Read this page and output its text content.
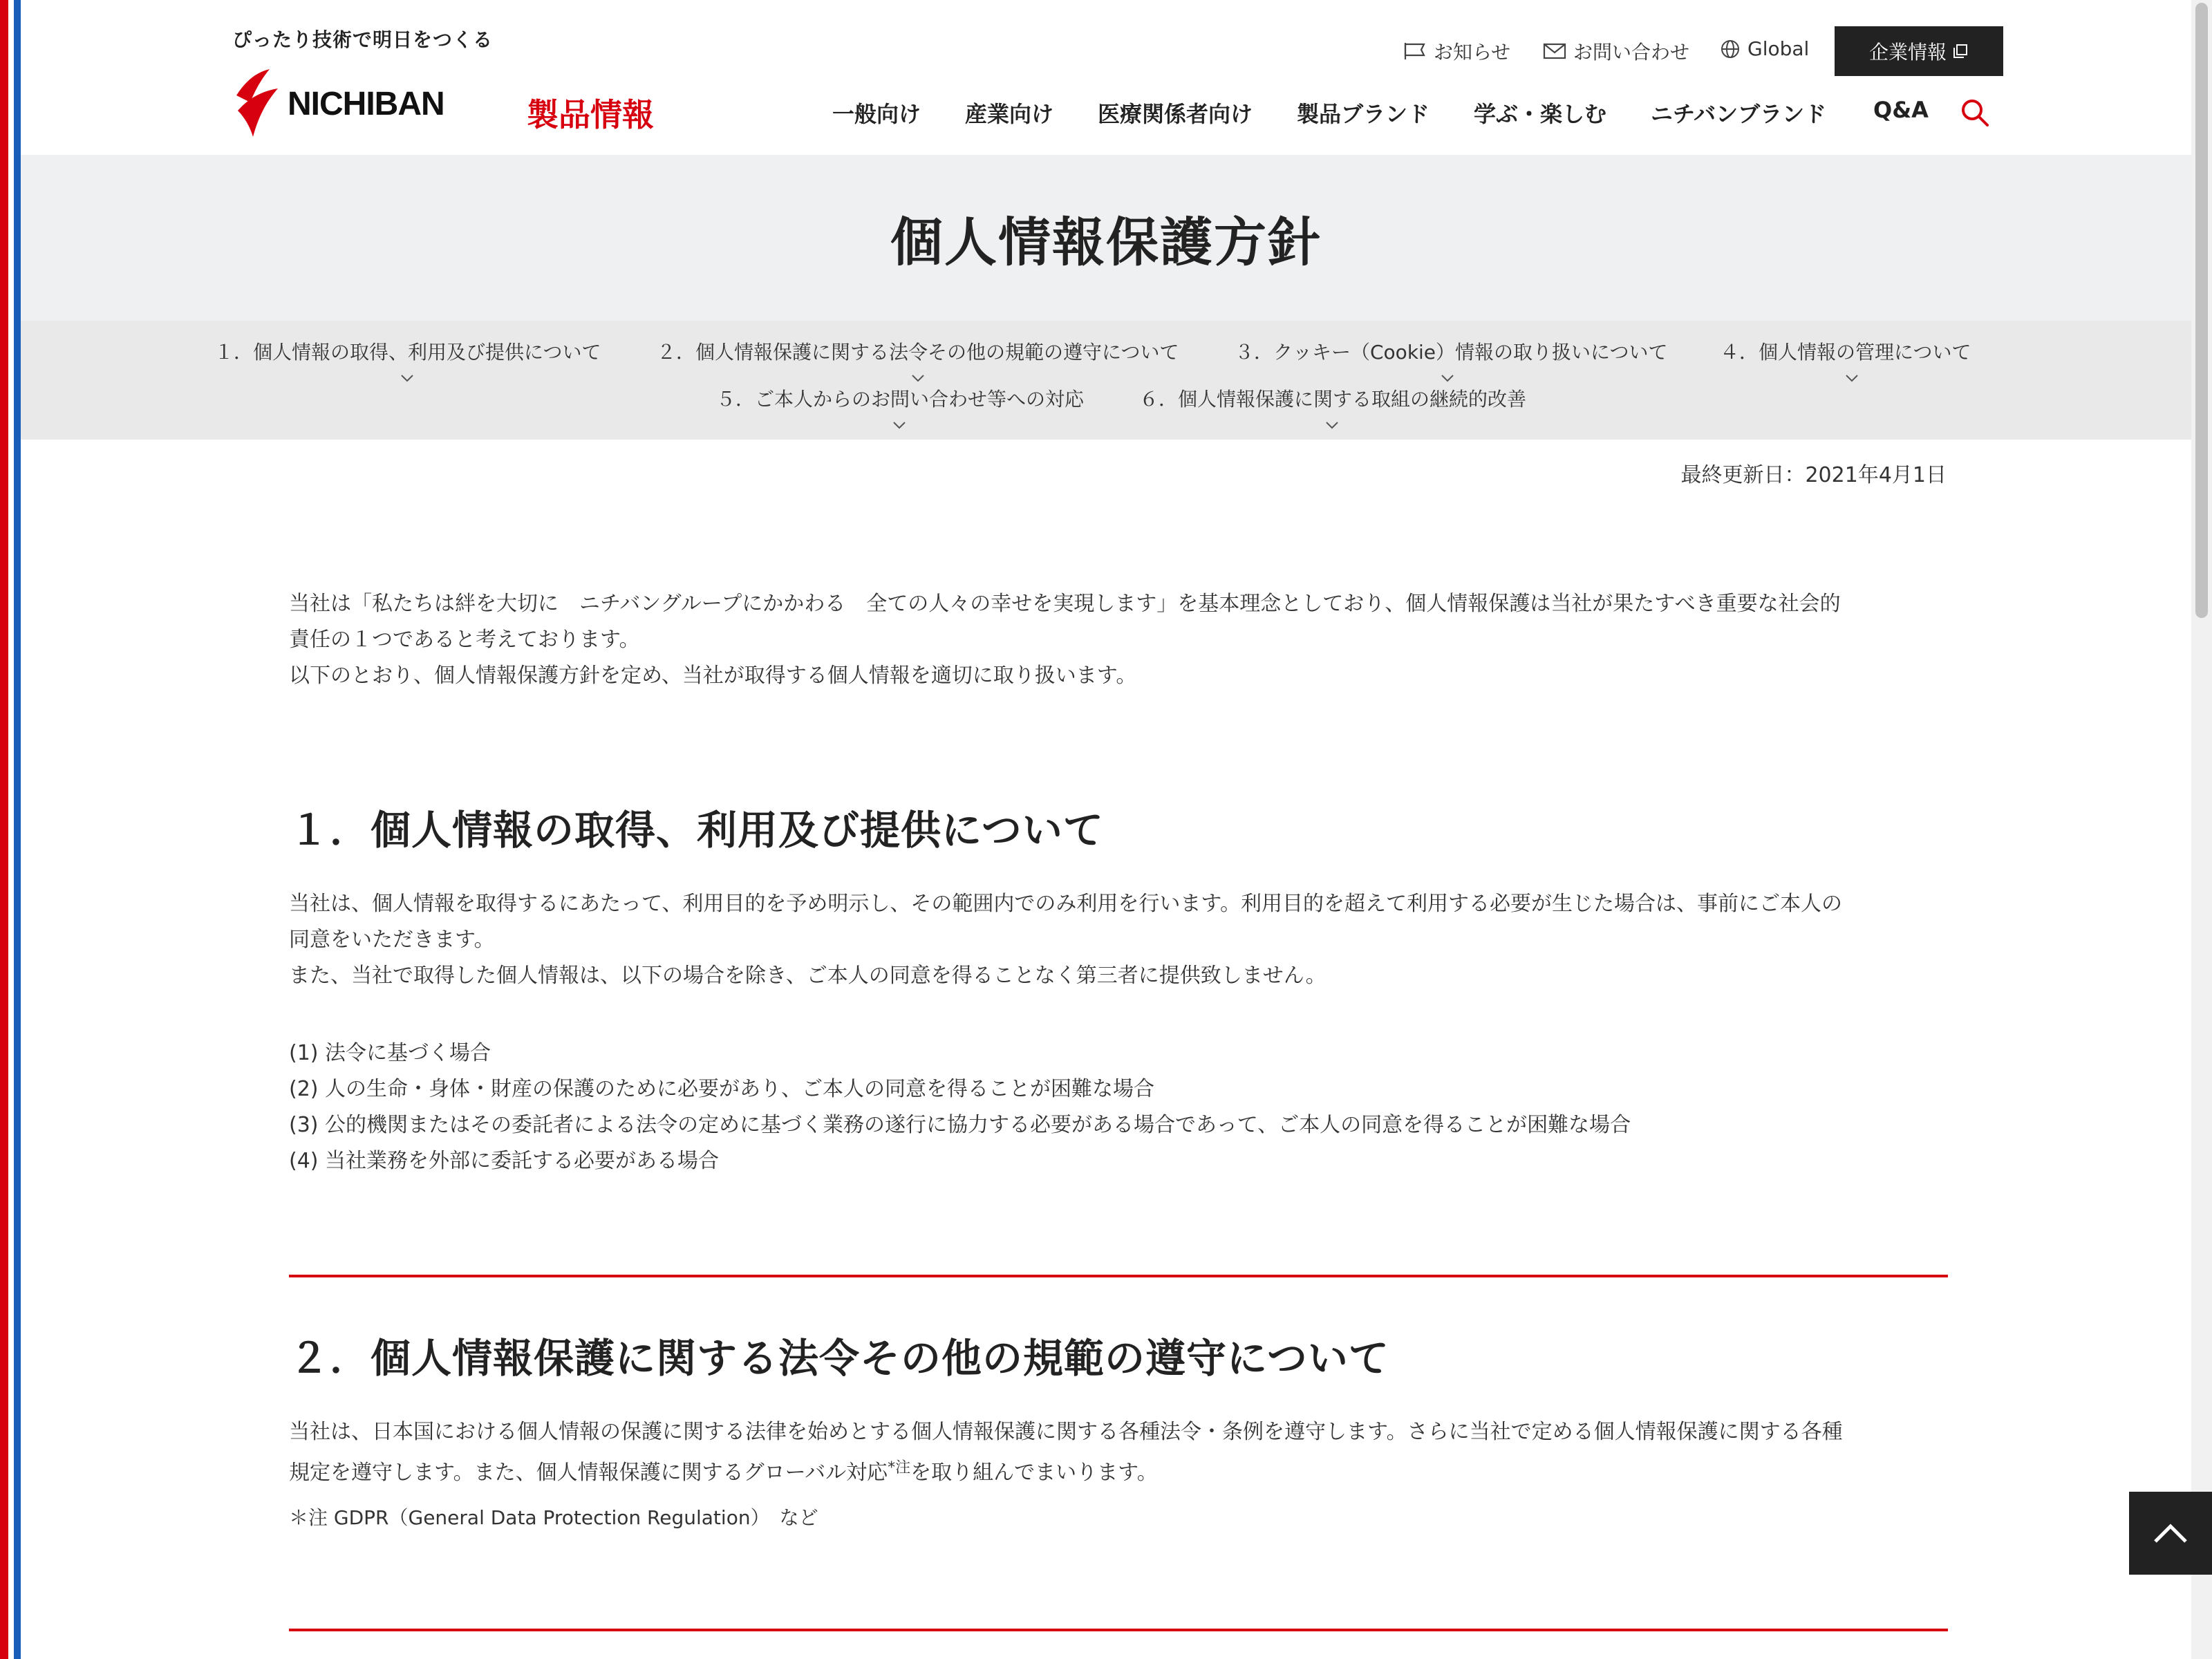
ぴったり技術で明日をつくる
NICHIBAN	製品情報
お知らせ	お問い合わせ	Global	企業情報
一般向け 産業向け 医療関係者向け 製品ブランド 学ぶ・楽しむ ニチバンブランド Q&A
個人情報保護方針
１．個人情報の取得、利用及び提供について	２．個人情報保護に関する法令その他の規範の遵守について	３．クッキー（Cookie）情報の取り扱いについて	４．個人情報の管理について
５．ご本人からのお問い合わせ等への対応	６．個人情報保護に関する取組の継続的改善
最終更新日：2021年4月1日

当社は「私たちは絆を大切に　ニチバングループにかかわる　全ての人々の幸せを実現します」を基本理念としており、個人情報保護は当社が果たすべき重要な社会的

責任の１つであると考えております。

以下のとおり、個人情報保護方針を定め、当社が取得する個人情報を適切に取り扱います。

１．個人情報の取得、利用及び提供について

当社は、個人情報を取得するにあたって、利用目的を予め明示し、その範囲内でのみ利用を行います。利用目的を超えて利用する必要が生じた場合は、事前にご本人の

同意をいただきます。

また、当社で取得した個人情報は、以下の場合を除き、ご本人の同意を得ることなく第三者に提供致しません。

(1) 法令に基づく場合

(2) 人の生命・身体・財産の保護のために必要があり、ご本人の同意を得ることが困難な場合

(3) 公的機関またはその委託者による法令の定めに基づく業務の遂行に協力する必要がある場合であって、ご本人の同意を得ることが困難な場合

(4) 当社業務を外部に委託する必要がある場合

２．個人情報保護に関する法令その他の規範の遵守について

当社は、日本国における個人情報の保護に関する法律を始めとする個人情報保護に関する各種法令・条例を遵守します。さらに当社で定める個人情報保護に関する各種

規定を遵守します。また、個人情報保護に関するグローバル対応$^{*注}$を取り組んでまいります。

＊注 GDPR（General Data Protection Regulation）　など
